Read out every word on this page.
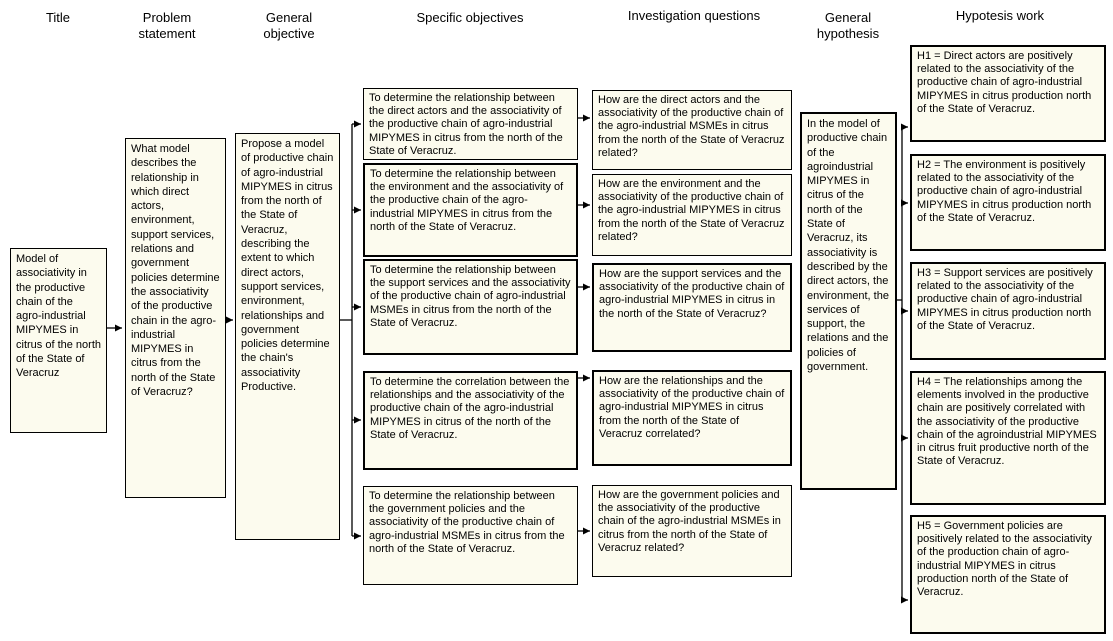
Title	Problem statement
General objective
Specific objectives	Investigation questions	General hypothesis
Hypotesis work
Model of associativity in the productive chain of the agro-industrial MIPYMES in citrus of the north of the State of Veracruz
What model describes the relationship in which direct actors, environment, support services, relations and government policies determine the associativity of the productive chain in the agro-industrial MIPYMES in citrus from the north of the State of Veracruz?
Propose a model of productive chain of agro-industrial MIPYMES in citrus from the north of the State of Veracruz, describing the extent to which direct actors, support services, environment, relationships and government policies determine the chain's associativity Productive.
To determine the relationship between the direct actors and the associativity of the productive chain of agro-industrial MIPYMES in citrus from the north of the State of Veracruz.
To determine the relationship between the environment and the associativity of the productive chain of the agro-industrial MIPYMES in citrus from the north of the State of Veracruz.
To determine the relationship between the support services and the associativity of the productive chain of agro-industrial MSMEs in citrus from the north of the State of Veracruz.
To determine the correlation between the relationships and the associativity of the productive chain of the agro-industrial MIPYMES in citrus of the north of the State of Veracruz.
To determine the relationship between the government policies and the associativity of the productive chain of agro-industrial MSMEs in citrus from the north of the State of Veracruz.
How are the direct actors and the associativity of the productive chain of the agro-industrial MSMEs in citrus from the north of the State of Veracruz related?
How are the environment and the associativity of the productive chain of the agro-industrial MIPYMES in citrus from the north of the State of Veracruz related?
How are the support services and the associativity of the productive chain of agro-industrial MIPYMES in citrus in the north of the State of Veracruz?
How are the relationships and the associativity of the productive chain of agro-industrial MIPYMES in citrus from the north of the State of Veracruz correlated?
How are the government policies and the associativity of the productive chain of the agro-industrial MSMEs in citrus from the north of the State of Veracruz related?
In the model of productive chain of the agroindustrial MIPYMES in citrus of the north of the State of Veracruz, its associativity is described by the direct actors, the environment, the services of support, the relations and the policies of government.
H1 = Direct actors are positively related to the associativity of the productive chain of agro-industrial MIPYMES in citrus production north of the State of Veracruz.
H2 = The environment is positively related to the associativity of the productive chain of agro-industrial MIPYMES in citrus production north of the State of Veracruz.
H3 = Support services are positively related to the associativity of the productive chain of agro-industrial MIPYMES in citrus production north of the State of Veracruz.
H4 = The relationships among the elements involved in the productive chain are positively correlated with the associativity of the productive chain of the agroindustrial MIPYMES in citrus fruit productive north of the State of Veracruz.
H5 = Government policies are positively related to the associativity of the production chain of agro-industrial MIPYMES in citrus production north of the State of Veracruz.
